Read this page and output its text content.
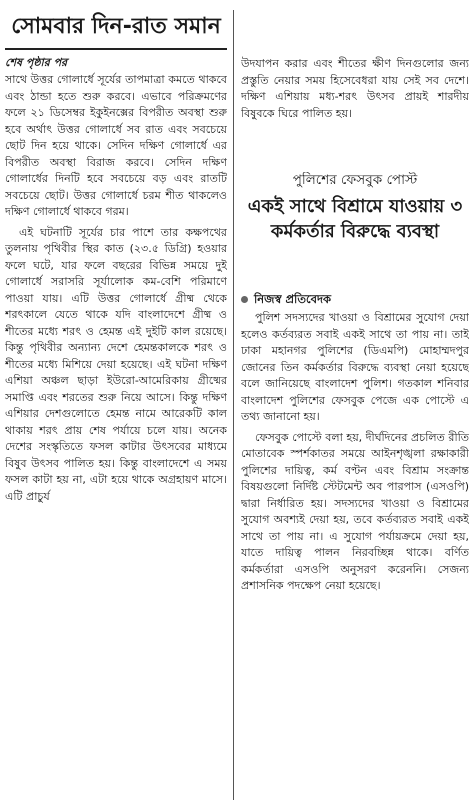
সোমবার দিন-রাত সমান

শেষ পৃষ্ঠার পর

সাথে উত্তর গোলার্ধে সূর্যের তাপমাত্রা কমতে থাকবে এবং ঠান্ডা হতে শুরু করবে। এভাবে পরিক্রমণের ফলে ২১ ডিসেম্বর ইকুইনক্সের বিপরীত অবস্থা শুরু হবে অর্থাৎ উত্তর গোলার্ধে সব রাত এবং সবচেয়ে ছোট দিন হয়ে থাকে। সেদিন দক্ষিণ গোলার্ধে এর বিপরীত অবস্থা বিরাজ করবে। সেদিন দক্ষিণ গোলার্ধের দিনটি হবে সবচেয়ে বড় এবং রাতটি সবচেয়ে ছোট। উত্তর গোলার্ধে চরম শীত থাকলেও দক্ষিণ গোলার্ধে থাকবে গরম।

এই ঘটনাটি সূর্যের চার পাশে তার কক্ষপথের তুলনায় পৃথিবীর স্থির কাত (২৩.৫ ডিগ্রি) হওয়ার ফলে ঘটে, যার ফলে বছরের বিভিন্ন সময়ে দুই গোলার্ধে সরাসরি সূর্যালোক কম-বেশি পরিমাণে পাওয়া যায়। এটি উত্তর গোলার্ধে গ্রীষ্ম থেকে শরৎকালে যেতে থাকে যদি বাংলাদেশে গ্রীষ্ম ও শীতের মধ্যে শরৎ ও হেমন্ত এই দুইটি কাল রয়েছে। কিন্তু পৃথিবীর অন্যান্য দেশে হেমন্তকালকে শরৎ ও শীতের মধ্যে মিশিয়ে দেয়া হয়েছে। এই ঘটনা দক্ষিণ এশিয়া অঞ্চল ছাড়া ইউরো-আমেরিকায় গ্রীষ্মের সমাপ্তি এবং শরতের শুরু নিয়ে আসে। কিন্তু দক্ষিণ এশিয়ার দেশগুলোতে হেমন্ত নামে আরেকটি কাল থাকায় শরৎ প্রায় শেষ পর্যায়ে চলে যায়। অনেক দেশের সংস্কৃতিতে ফসল কাটার উৎসবের মাধ্যমে বিষুব উৎসব পালিত হয়। কিন্তু বাংলাদেশে এ সময় ফসল কাটা হয় না, এটা হয়ে থাকে অগ্রহায়ণ মাসে। এটি প্রাচুর্য

উদযাপন করার এবং শীতের ক্ষীণ দিনগুলোর জন্য প্রস্তুতি নেয়ার সময় হিসেবেধরা যায় সেই সব দেশে। দক্ষিণ এশিয়ায় মধ্য-শরৎ উৎসব প্রায়ই শারদীয় বিষুবকে ঘিরে পালিত হয়।

পুলিশের ফেসবুক পোস্ট

একই সাথে বিশ্রামে যাওয়ায় ৩ কর্মকর্তার বিরুদ্ধে ব্যবস্থা

নিজস্ব প্রতিবেদক

পুলিশ সদস্যদের খাওয়া ও বিশ্রামের সুযোগ দেয়া হলেও কর্তব্যরত সবাই একই সাথে তা পায় না। তাই ঢাকা মহানগর পুলিশের (ডিএমপি) মোহাম্মদপুর জোনের তিন কর্মকর্তার বিরুদ্ধে ব্যবস্থা নেয়া হয়েছে বলে জানিয়েছে বাংলাদেশ পুলিশ। গতকাল শনিবার বাংলাদেশ পুলিশের ফেসবুক পেজে এক পোস্টে এ তথ্য জানানো হয়।

ফেসবুক পোস্টে বলা হয়, দীর্ঘদিনের প্রচলিত রীতি মোতাবেক স্পর্শকাতর সময়ে আইনশৃঙ্খলা রক্ষাকারী পুলিশের দায়িত্ব, কর্ম বণ্টন এবং বিশ্রাম সংক্রান্ত বিষয়গুলো নির্দিষ্ট স্টেটমেন্ট অব পারপাস (এসওপি) দ্বারা নির্ধারিত হয়। সদস্যদের খাওয়া ও বিশ্রামের সুযোগ অবশ্যই দেয়া হয়, তবে কর্তব্যরত সবাই একই সাথে তা পায় না। এ সুযোগ পর্যায়ক্রমে দেয়া হয়, যাতে দায়িত্ব পালন নিরবচ্ছিন্ন থাকে। বর্ণিত কর্মকর্তারা এসওপি অনুসরণ করেননি। সেজন্য প্রশাসনিক পদক্ষেপ নেয়া হয়েছে।
